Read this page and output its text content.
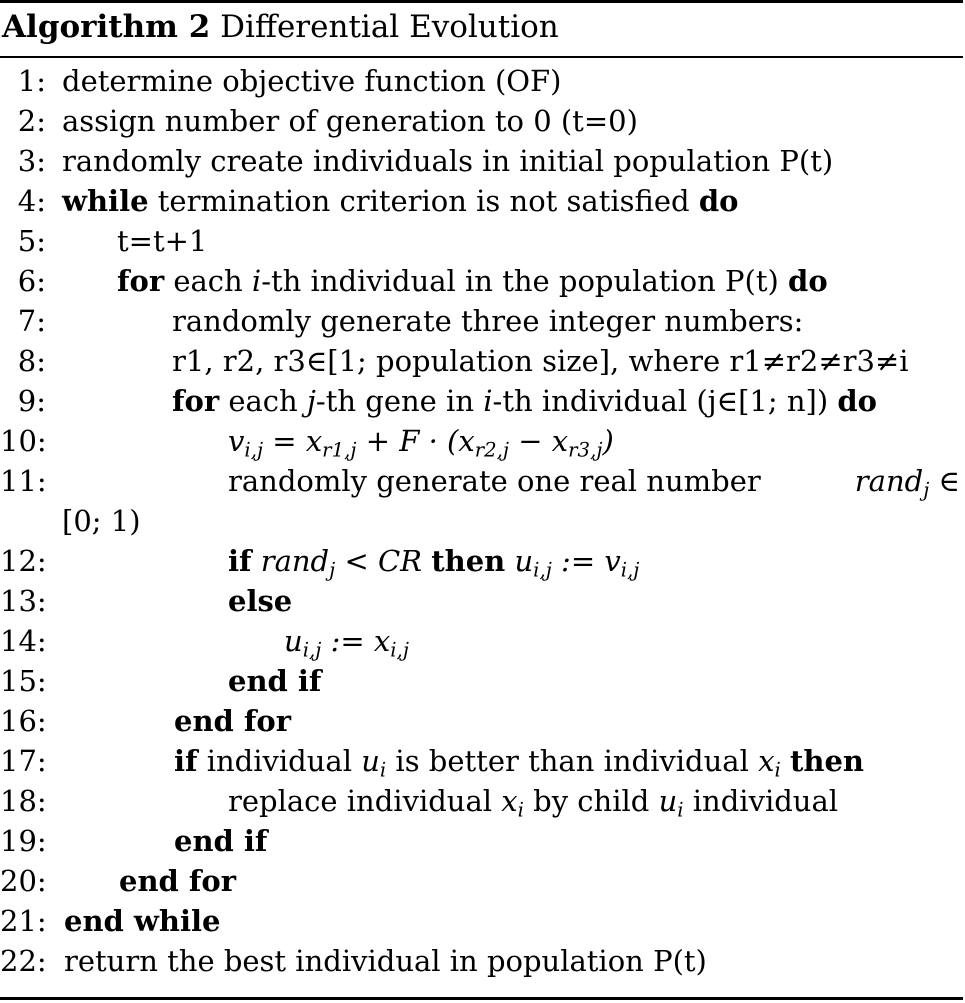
Algorithm 2 Differential Evolution
1: determine objective function (OF)
2: assign number of generation to 0 (t=0)
3: randomly create individuals in initial population P(t)
4: while termination criterion is not satisfied do
5: t=t+1
6: for each i-th individual in the population P(t) do
7:	randomly generate three integer numbers:
8:	r1, r2, r3∈[1; population size], where r1≠r2≠r3≠i
9:	for each j-th gene in i-th individual (j∈[1; n]) do
10:	$v_{i,j} = x_{r1,j} + F \cdot (x_{r2,j} - x_{r3,j})$
11:	randomly generate one real number	rand$_j$ ∈
[0; 1)
12:	if rand$_j$ < CR then $u_{i,j}$ := $v_{i,j}$
13:	else
14:	$u_{i,j}$ := $x_{i,j}$
15:	end if
16:	end for
17:	if individual $u_i$ is better than individual $x_i$ then
18:	replace individual $x_i$ by child $u_i$ individual
19:	end if
20: end for
21: end while
22: return the best individual in population P(t)
